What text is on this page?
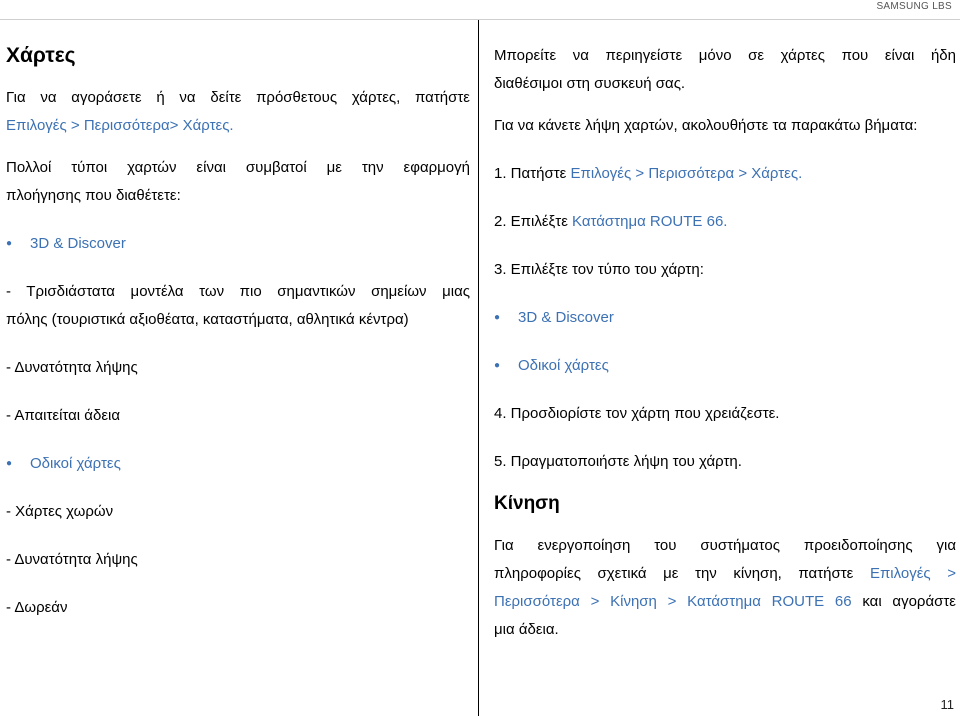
SAMSUNG LBS
Χάρτες

Για να αγοράσετε ή να δείτε πρόσθετους χάρτες, πατήστε

Επιλογές > Περισσότερα> Χάρτες.

Πολλοί τύποι χαρτών είναι συμβατοί με την εφαρμογή

πλοήγησης που διαθέτετε:

● 3D & Discover

- Τρισδιάστατα μοντέλα των πιο σημαντικών σημείων μιας

πόλης (τουριστικά αξιοθέατα, καταστήματα, αθλητικά κέντρα)

- Δυνατότητα λήψης

- Απαιτείται άδεια

● Οδικοί χάρτες

- Χάρτες χωρών

- Δυνατότητα λήψης

- Δωρεάν

Μπορείτε να περιηγείστε μόνο σε χάρτες που είναι ήδη

διαθέσιμοι στη συσκευή σας.

Για να κάνετε λήψη χαρτών, ακολουθήστε τα παρακάτω βήματα:

1. Πατήστε Επιλογές > Περισσότερα > Χάρτες.

2. Επιλέξτε Κατάστημα ROUTE 66.

3. Επιλέξτε τον τύπο του χάρτη:

● 3D & Discover

● Οδικοί χάρτες

4. Προσδιορίστε τον χάρτη που χρειάζεστε.

5. Πραγματοποιήστε λήψη του χάρτη.

Κίνηση

Για ενεργοποίηση του συστήματος προειδοποίησης για

πληροφορίες σχετικά με την κίνηση, πατήστε Επιλογές >

Περισσότερα > Κίνηση > Κατάστημα ROUTE 66 και αγοράστε

μια άδεια.

11
